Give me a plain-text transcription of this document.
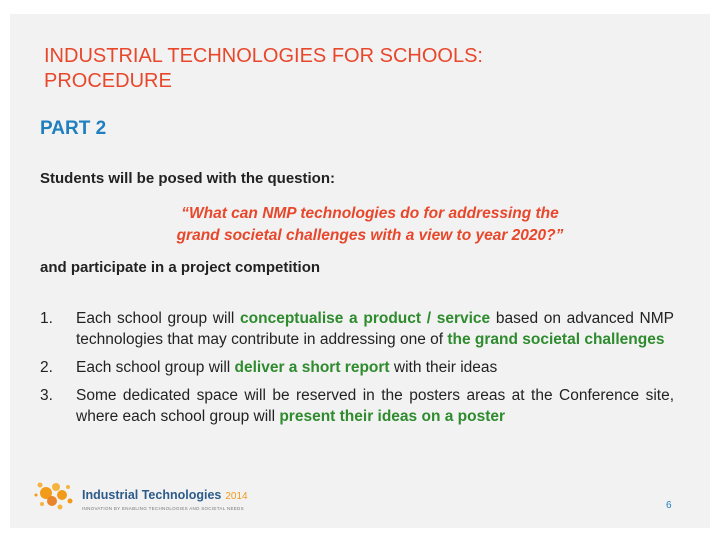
INDUSTRIAL TECHNOLOGIES FOR SCHOOLS:
PROCEDURE
PART 2
Students will be posed with the question:
“What can NMP technologies do for addressing the
grand societal challenges with a view to year 2020?”
and participate in a project competition
1. Each school group will conceptualise a product / service based on advanced NMP technologies that may contribute in addressing one of the grand societal challenges
2. Each school group will deliver a short report with their ideas
3. Some dedicated space will be reserved in the posters areas at the Conference site, where each school group will present their ideas on a poster
Industrial Technologies 2014
INNOVATION BY ENABLING TECHNOLOGIES AND SOCIETAL NEEDS	6
